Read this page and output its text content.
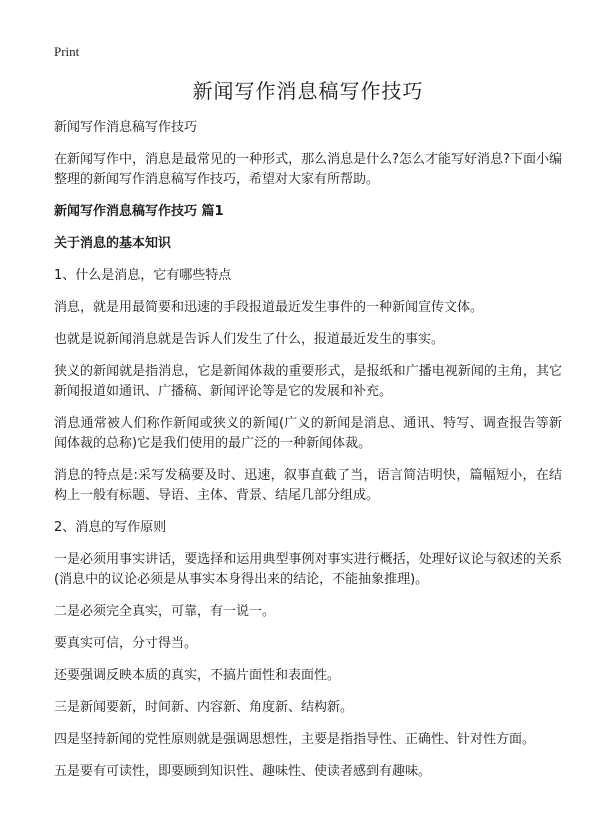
Print
新闻写作消息稿写作技巧

新闻写作消息稿写作技巧

在新闻写作中，消息是最常见的一种形式，那么消息是什么?怎么才能写好消息?下面小编整理的新闻写作消息稿写作技巧，希望对大家有所帮助。

新闻写作消息稿写作技巧 篇1

关于消息的基本知识

1、什么是消息，它有哪些特点

消息，就是用最简要和迅速的手段报道最近发生事件的一种新闻宣传文体。

也就是说新闻消息就是告诉人们发生了什么，报道最近发生的事实。

狭义的新闻就是指消息，它是新闻体裁的重要形式，是报纸和广播电视新闻的主角，其它新闻报道如通讯、广播稿、新闻评论等是它的发展和补充。

消息通常被人们称作新闻或狭义的新闻(广义的新闻是消息、通讯、特写、调查报告等新闻体裁的总称)它是我们使用的最广泛的一种新闻体裁。

消息的特点是:采写发稿要及时、迅速，叙事直截了当，语言简洁明快，篇幅短小，在结构上一般有标题、导语、主体、背景、结尾几部分组成。

2、消息的写作原则

一是必须用事实讲话，要选择和运用典型事例对事实进行概括，处理好议论与叙述的关系(消息中的议论必须是从事实本身得出来的结论，不能抽象推理)。

二是必须完全真实，可靠，有一说一。

要真实可信，分寸得当。

还要强调反映本质的真实，不搞片面性和表面性。

三是新闻要新，时间新、内容新、角度新、结构新。

四是坚持新闻的党性原则就是强调思想性，主要是指指导性、正确性、针对性方面。

五是要有可读性，即要顾到知识性、趣味性、使读者感到有趣味。
